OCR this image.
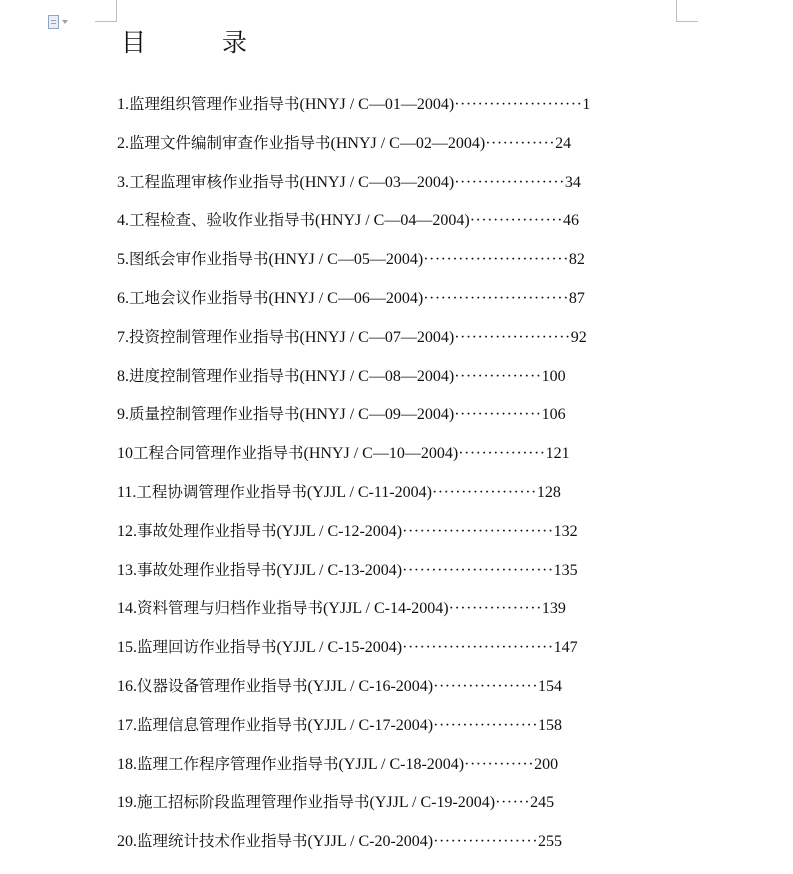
目 录
1.监理组织管理作业指导书(HNYJ / C—01—2004)······················1
2.监理文件编制审查作业指导书(HNYJ / C—02—2004)············24
3.工程监理审核作业指导书(HNYJ / C—03—2004)···················34
4.工程检查、验收作业指导书(HNYJ / C—04—2004)················46
5.图纸会审作业指导书(HNYJ / C—05—2004)·························82
6.工地会议作业指导书(HNYJ / C—06—2004)·························87
7.投资控制管理作业指导书(HNYJ / C—07—2004)····················92
8.进度控制管理作业指导书(HNYJ / C—08—2004)···············100
9.质量控制管理作业指导书(HNYJ / C—09—2004)···············106
10工程合同管理作业指导书(HNYJ / C—10—2004)···············121
11.工程协调管理作业指导书(YJJL / C-11-2004)··················128
12.事故处理作业指导书(YJJL / C-12-2004)··························132
13.事故处理作业指导书(YJJL / C-13-2004)··························135
14.资料管理与归档作业指导书(YJJL / C-14-2004)················139
15.监理回访作业指导书(YJJL / C-15-2004)··························147
16.仪器设备管理作业指导书(YJJL / C-16-2004)··················154
17.监理信息管理作业指导书(YJJL / C-17-2004)··················158
18.监理工作程序管理作业指导书(YJJL / C-18-2004)············200
19.施工招标阶段监理管理作业指导书(YJJL / C-19-2004)······245
20.监理统计技术作业指导书(YJJL / C-20-2004)··················255
